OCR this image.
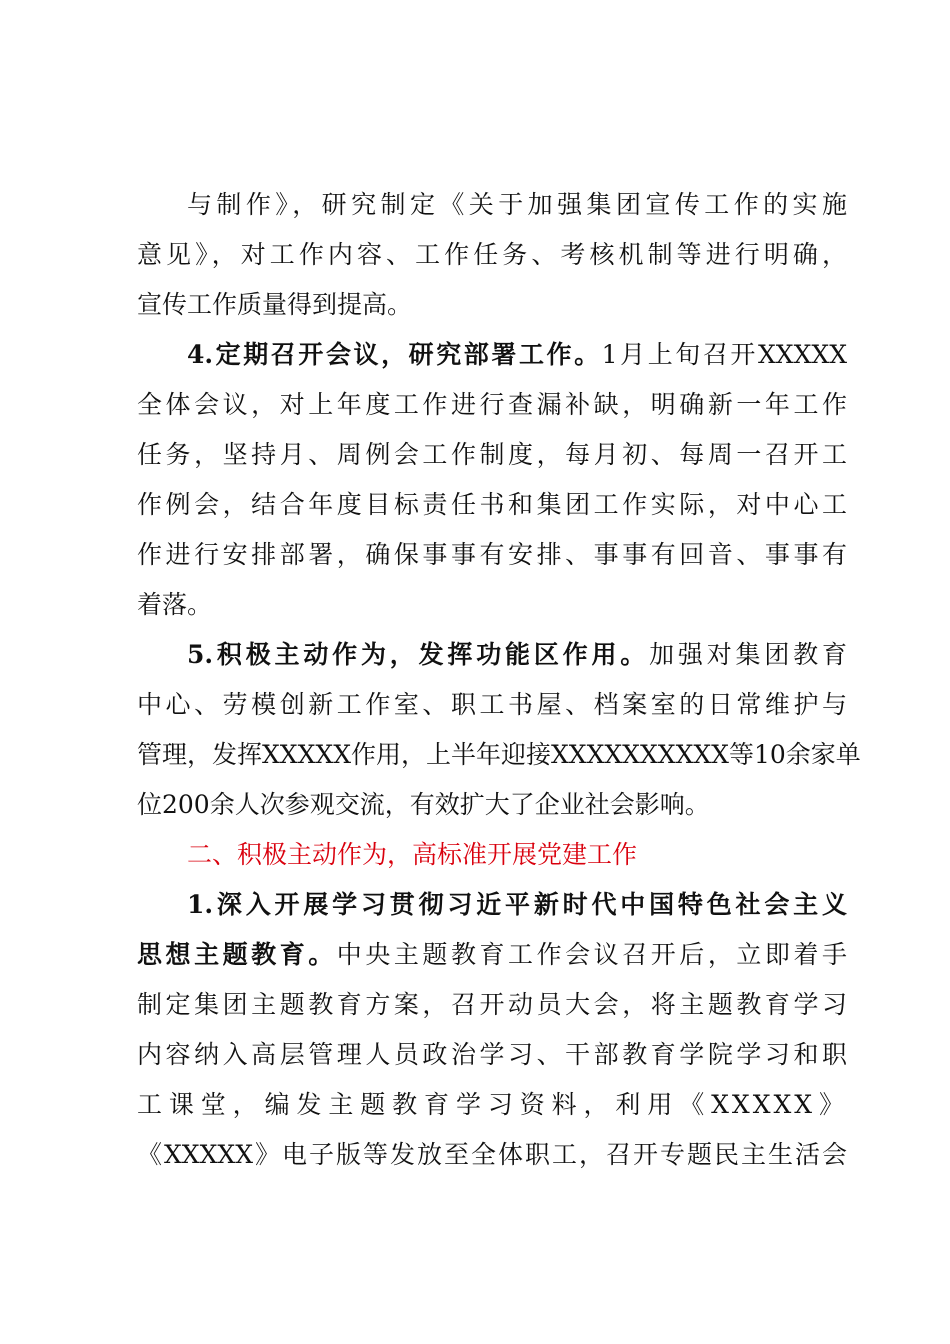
与制作》，研究制定《关于加强集团宣传工作的实施
意见》，对工作内容、工作任务、考核机制等进行明确，
宣传工作质量得到提高。
4.定期召开会议，研究部署工作。1月上旬召开XXXXX
全体会议，对上年度工作进行查漏补缺，明确新一年工作
任务，坚持月、周例会工作制度，每月初、每周一召开工
作例会，结合年度目标责任书和集团工作实际，对中心工
作进行安排部署，确保事事有安排、事事有回音、事事有
着落。
5.积极主动作为，发挥功能区作用。加强对集团教育
中心、劳模创新工作室、职工书屋、档案室的日常维护与
管理，发挥XXXXX作用，上半年迎接XXXXXXXXXX等10余家单
位200余人次参观交流，有效扩大了企业社会影响。
二、积极主动作为，高标准开展党建工作
1.深入开展学习贯彻习近平新时代中国特色社会主义
思想主题教育。中央主题教育工作会议召开后，立即着手
制定集团主题教育方案，召开动员大会，将主题教育学习
内容纳入高层管理人员政治学习、干部教育学院学习和职
工课堂，编发主题教育学习资料，利用《XXXXX》
《XXXXX》电子版等发放至全体职工，召开专题民主生活会
